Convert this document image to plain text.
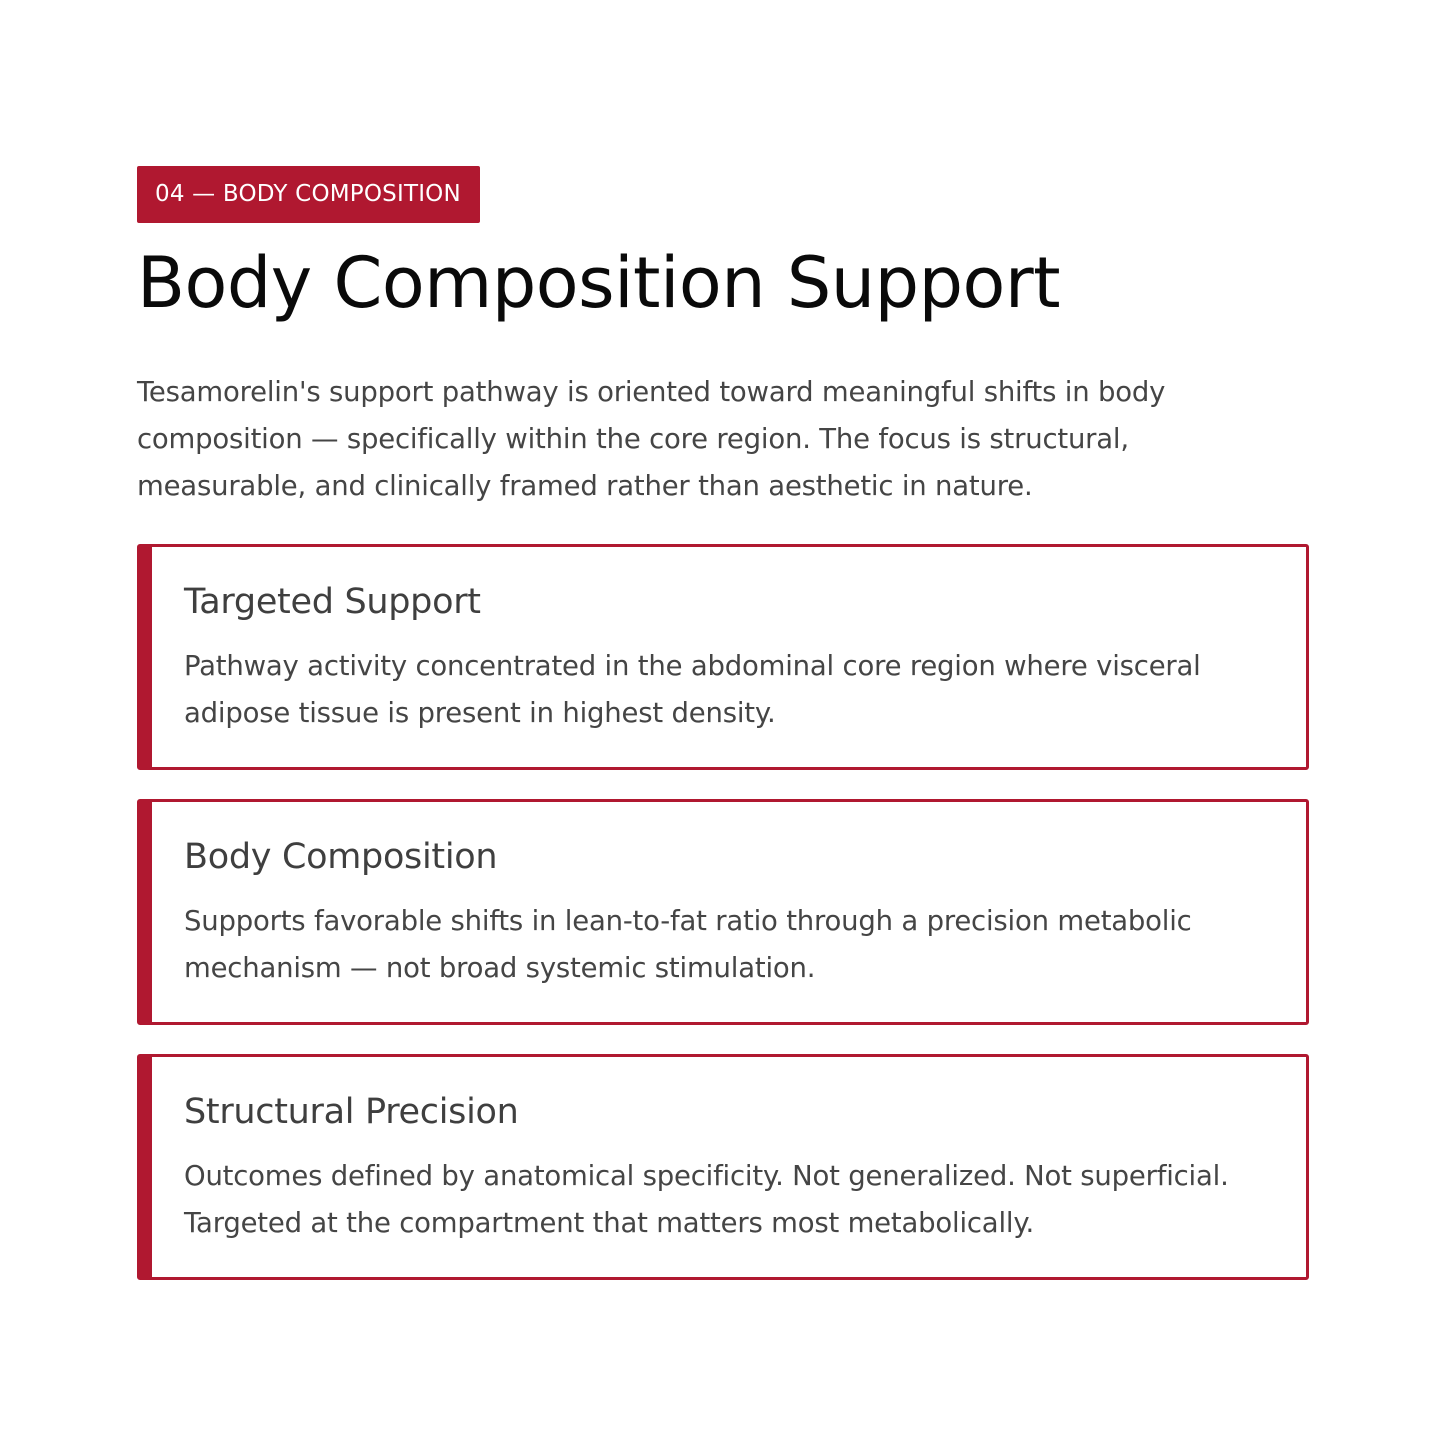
04 — BODY COMPOSITION
Body Composition Support

Tesamorelin's support pathway is oriented toward meaningful shifts in body composition — specifically within the core region. The focus is structural, measurable, and clinically framed rather than aesthetic in nature.

Targeted Support

Pathway activity concentrated in the abdominal core region where visceral adipose tissue is present in highest density.

Body Composition

Supports favorable shifts in lean-to-fat ratio through a precision metabolic mechanism — not broad systemic stimulation.

Structural Precision

Outcomes defined by anatomical specificity. Not generalized. Not superficial. Targeted at the compartment that matters most metabolically.
